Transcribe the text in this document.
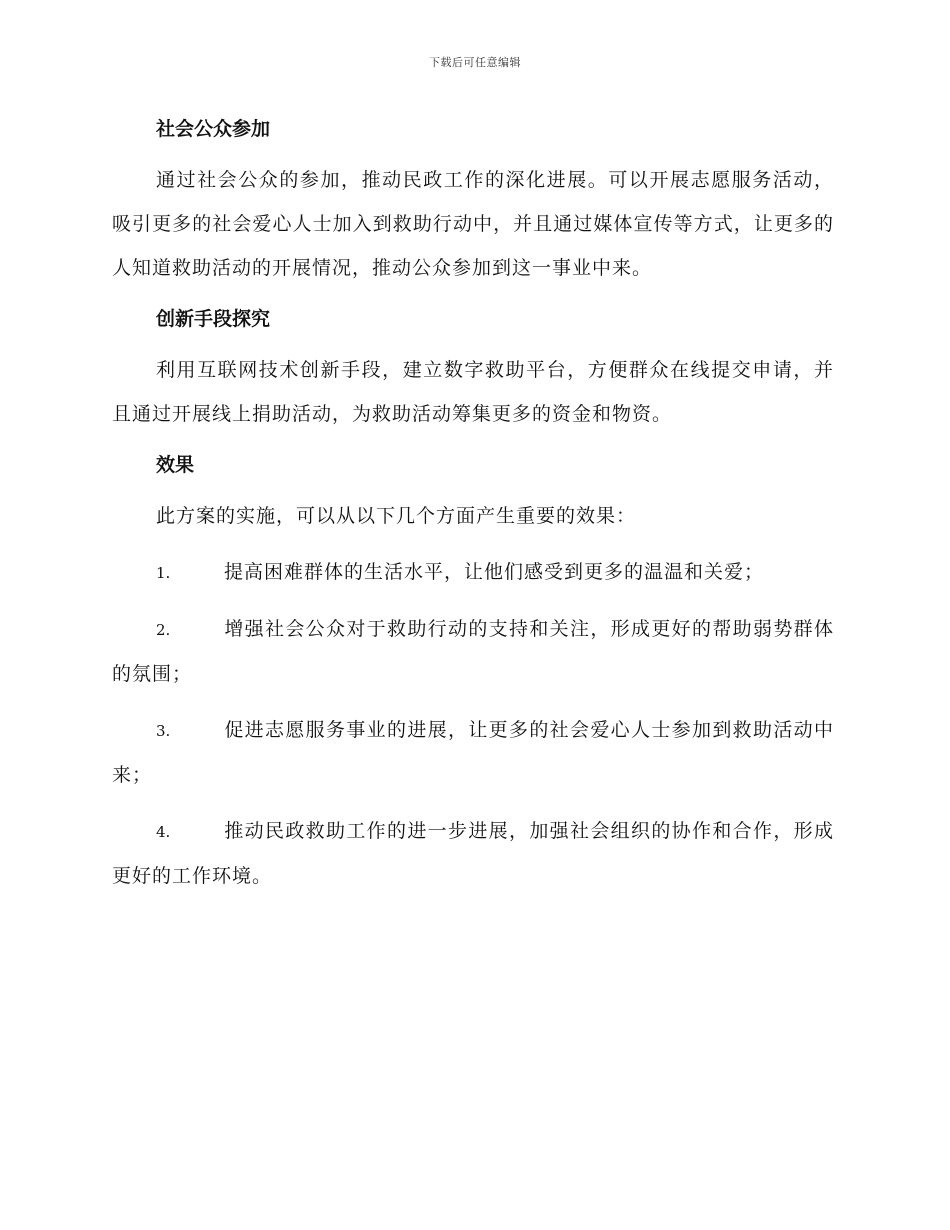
下载后可任意编辑
社会公众参加

通过社会公众的参加，推动民政工作的深化进展。可以开展志愿服务活动，吸引更多的社会爱心人士加入到救助行动中，并且通过媒体宣传等方式，让更多的人知道救助活动的开展情况，推动公众参加到这一事业中来。

创新手段探究

利用互联网技术创新手段，建立数字救助平台，方便群众在线提交申请，并且通过开展线上捐助活动，为救助活动筹集更多的资金和物资。

效果

此方案的实施，可以从以下几个方面产生重要的效果：

1.	提高困难群体的生活水平，让他们感受到更多的温温和关爱；

2.	增强社会公众对于救助行动的支持和关注，形成更好的帮助弱势群体的氛围；

3.	促进志愿服务事业的进展，让更多的社会爱心人士参加到救助活动中来；

4.	推动民政救助工作的进一步进展，加强社会组织的协作和合作，形成更好的工作环境。
